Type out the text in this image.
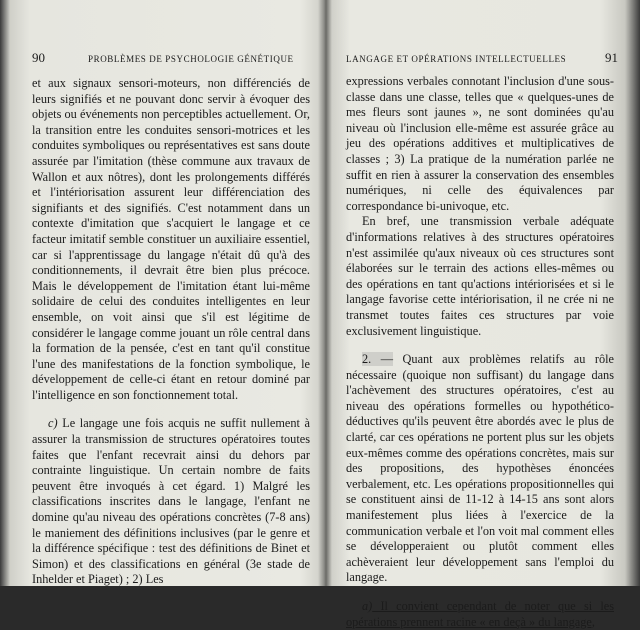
90	PROBLÈMES DE PSYCHOLOGIE GÉNÉTIQUE

et aux signaux sensori-moteurs, non différenciés de leurs signifiés et ne pouvant donc servir à évoquer des objets ou événements non perceptibles actuellement. Or, la transition entre les conduites sensori-motrices et les conduites symboliques ou représentatives est sans doute assurée par l'imitation (thèse commune aux travaux de Wallon et aux nôtres), dont les prolongements différés et l'intériorisation assurent leur différenciation des signifiants et des signifiés. C'est notamment dans un contexte d'imitation que s'acquiert le langage et ce facteur imitatif semble constituer un auxiliaire essentiel, car si l'apprentissage du langage n'était dû qu'à des conditionnements, il devrait être bien plus précoce. Mais le développement de l'imitation étant lui-même solidaire de celui des conduites intelligentes en leur ensemble, on voit ainsi que s'il est légitime de considérer le langage comme jouant un rôle central dans la formation de la pensée, c'est en tant qu'il constitue l'une des manifestations de la fonction symbolique, le développement de celle-ci étant en retour dominé par l'intelligence en son fonctionnement total.

c) Le langage une fois acquis ne suffit nullement à assurer la transmission de structures opératoires toutes faites que l'enfant recevrait ainsi du dehors par contrainte linguistique. Un certain nombre de faits peuvent être invoqués à cet égard. 1) Malgré les classifications inscrites dans le langage, l'enfant ne domine qu'au niveau des opérations concrètes (7-8 ans) le maniement des définitions inclusives (par le genre et la différence spécifique : test des définitions de Binet et Simon) et des classifications en général (3e stade de Inhelder et Piaget) ; 2) Les

LANGAGE ET OPÉRATIONS INTELLECTUELLES	91

expressions verbales connotant l'inclusion d'une sous-classe dans une classe, telles que « quelques-unes de mes fleurs sont jaunes », ne sont dominées qu'au niveau où l'inclusion elle-même est assurée grâce au jeu des opérations additives et multiplicatives de classes ; 3) La pratique de la numération parlée ne suffit en rien à assurer la conservation des ensembles numériques, ni celle des équivalences par correspondance bi-univoque, etc.

En bref, une transmission verbale adéquate d'informations relatives à des structures opératoires n'est assimilée qu'aux niveaux où ces structures sont élaborées sur le terrain des actions elles-mêmes ou des opérations en tant qu'actions intériorisées et si le langage favorise cette intériorisation, il ne crée ni ne transmet toutes faites ces structures par voie exclusivement linguistique.

2. — Quant aux problèmes relatifs au rôle nécessaire (quoique non suffisant) du langage dans l'achèvement des structures opératoires, c'est au niveau des opérations formelles ou hypothético-déductives qu'ils peuvent être abordés avec le plus de clarté, car ces opérations ne portent plus sur les objets eux-mêmes comme des opérations concrètes, mais sur des propositions, des hypothèses énoncées verbalement, etc. Les opérations propositionnelles qui se constituent ainsi de 11-12 à 14-15 ans sont alors manifestement plus liées à l'exercice de la communication verbale et l'on voit mal comment elles se développeraient ou plutôt comment elles achèveraient leur développement sans l'emploi du langage.

a) Il convient cependant de noter que si les opérations prennent racine « en deçà » du langage,
